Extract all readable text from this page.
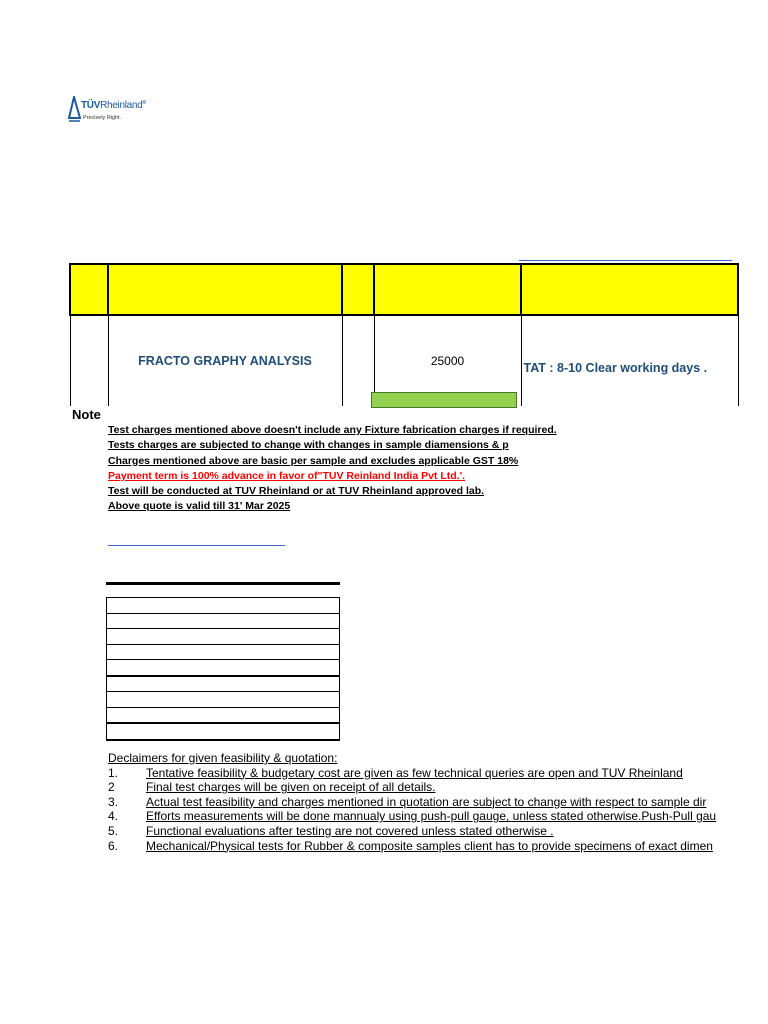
TÜVRheinland®
Precisely Right.

	FRACTO GRAPHY ANALYSIS		25000	TAT : 8-10 Clear working days .
Note
Test charges mentioned above doesn't include any Fixture fabrication charges if required.
Tests charges are subjected to change with changes in sample diamensions & p
Charges mentioned above are basic per sample and excludes applicable GST 18%
Payment term is 100% advance in favor of"TUV Reinland India Pvt Ltd.'.
Test will be conducted at TUV Rheinland or at TUV Rheinland approved lab.
Above quote is valid till 31' Mar 2025
Declaimers for given feasibility & quotation:
1. Tentative feasibility & budgetary cost are given as few technical queries are open and TUV Rheinland
2	Final test charges will be given on receipt of all details.
3. Actual test feasibility and charges mentioned in quotation are subject to change with respect to sample dir
4. Efforts measurements will be done mannualy using push-pull gauge, unless stated otherwise.Push-Pull gau
5. Functional evaluations after testing are not covered unless stated otherwise .
6. Mechanical/Physical tests for Rubber & composite samples client has to provide specimens of exact dimen
